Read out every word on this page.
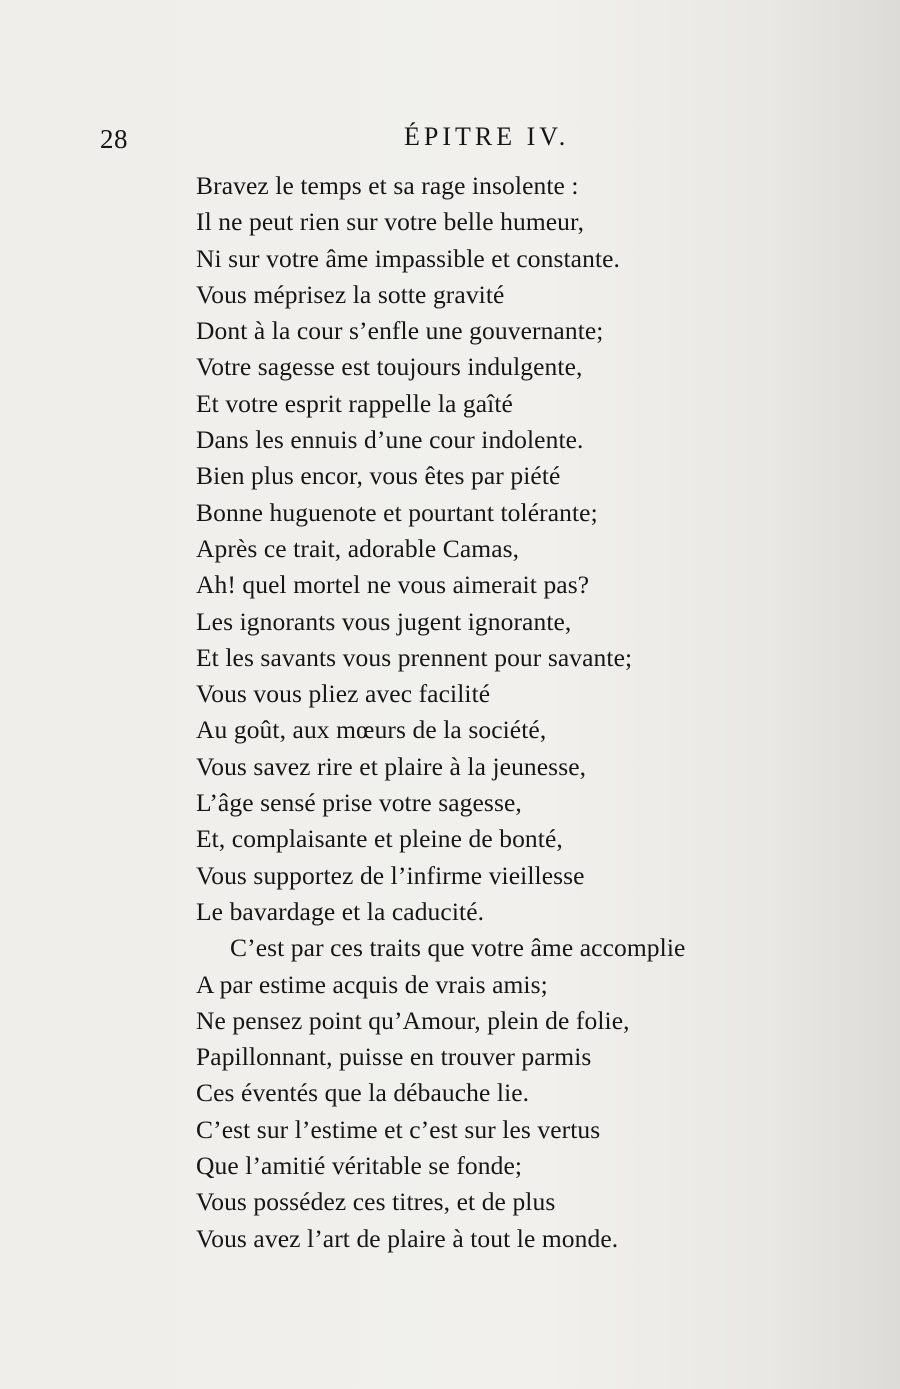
28	ÉPITRE IV.
Bravez le temps et sa rage insolente :
Il ne peut rien sur votre belle humeur,
Ni sur votre âme impassible et constante.
Vous méprisez la sotte gravité
Dont à la cour s’enfle une gouvernante;
Votre sagesse est toujours indulgente,
Et votre esprit rappelle la gaîté
Dans les ennuis d’une cour indolente.
Bien plus encor, vous êtes par piété
Bonne huguenote et pourtant tolérante;
Après ce trait, adorable Camas,
Ah! quel mortel ne vous aimerait pas?
Les ignorants vous jugent ignorante,
Et les savants vous prennent pour savante;
Vous vous pliez avec facilité
Au goût, aux mœurs de la société,
Vous savez rire et plaire à la jeunesse,
L’âge sensé prise votre sagesse,
Et, complaisante et pleine de bonté,
Vous supportez de l’infirme vieillesse
Le bavardage et la caducité.
C’est par ces traits que votre âme accomplie
A par estime acquis de vrais amis;
Ne pensez point qu’Amour, plein de folie,
Papillonnant, puisse en trouver parmis
Ces éventés que la débauche lie.
C’est sur l’estime et c’est sur les vertus
Que l’amitié véritable se fonde;
Vous possédez ces titres, et de plus
Vous avez l’art de plaire à tout le monde.
